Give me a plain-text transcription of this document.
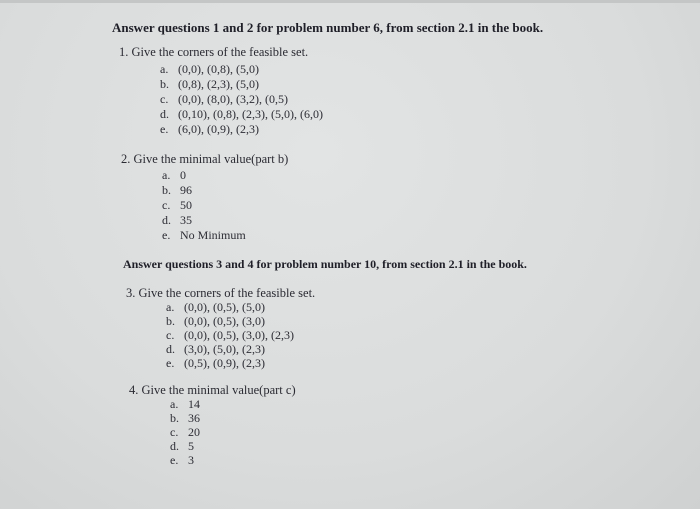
Answer questions 1 and 2 for problem number 6, from section 2.1 in the book.
1. Give the corners of the feasible set.
a. (0,0), (0,8), (5,0)
b. (0,8), (2,3), (5,0)
c. (0,0), (8,0), (3,2), (0,5)
d. (0,10), (0,8), (2,3), (5,0), (6,0)
e. (6,0), (0,9), (2,3)
2. Give the minimal value(part b)
a. 0
b. 96
c. 50
d. 35
e. No Minimum
Answer questions 3 and 4 for problem number 10, from section 2.1 in the book.
3. Give the corners of the feasible set.
a. (0,0), (0,5), (5,0)
b. (0,0), (0,5), (3,0)
c. (0,0), (0,5), (3,0), (2,3)
d. (3,0), (5,0), (2,3)
e. (0,5), (0,9), (2,3)
4. Give the minimal value(part c)
a. 14
b. 36
c. 20
d. 5
e. 3
